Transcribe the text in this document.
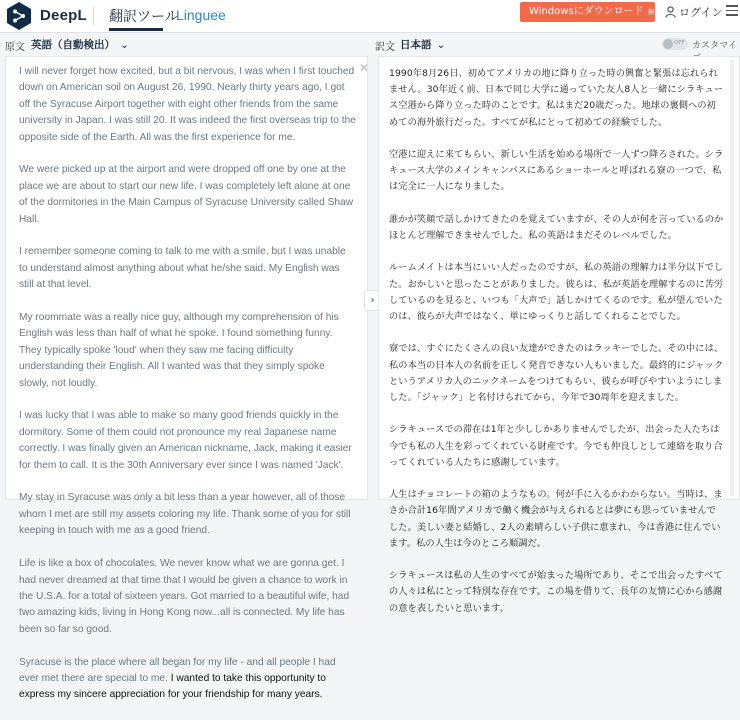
DeepL 翻訳ツール
Linguee	Windowsにダウンロード 無料！ ログイン
原文 英語（自動検出） ⌄	訳文 日本語 ⌄	OFF カスタマイ
✕

I will never forget how excited, but a bit nervous, I was when I first touched down on American soil on August 26, 1990. Nearly thirty years ago, I got off the Syracuse Airport together with eight other friends from the same university in Japan. I was still 20. It was indeed the first overseas trip to the opposite side of the Earth. All was the first experience for me.

We were picked up at the airport and were dropped off one by one at the place we are about to start our new life. I was completely left alone at one of the dormitories in the Main Campus of Syracuse University called Shaw Hall.

I remember someone coming to talk to me with a smile, but I was unable to understand almost anything about what he/she said. My English was still at that level.

My roommate was a really nice guy, although my comprehension of his English was less than half of what he spoke. I found something funny. They typically spoke 'loud' when they saw me facing difficulty understanding their English. All I wanted was that they simply spoke slowly, not loudly.

I was lucky that I was able to make so many good friends quickly in the dormitory. Some of them could not pronounce my real Japanese name correctly. I was finally given an American nickname, Jack, making it easier for them to call. It is the 30th Anniversary ever since I was named 'Jack'.

My stay in Syracuse was only a bit less than a year however, all of those whom I met are still my assets coloring my life. Thank some of you for still keeping in touch with me as a good friend.

Life is like a box of chocolates. We never know what we are gonna get. I had never dreamed at that time that I would be given a chance to work in the U.S.A. for a total of sixteen years. Got married to a beautiful wife, had two amazing kids, living in Hong Kong now...all is connected. My life has been so far so good.

Syracuse is the place where all began for my life - and all people I had ever met there are special to me. I wanted to take this opportunity to express my sincere appreciation for your friendship for many years.

›

1990年8月26日、初めてアメリカの地に降り立った時の興奮と緊張は忘れられません。30年近く前、日本で同じ大学に通っていた友人8人と一緒にシラキュース空港から降り立った時のことです。私はまだ20歳だった。地球の裏側への初めての海外旅行だった。すべてが私にとって初めての経験でした。

空港に迎えに来てもらい、新しい生活を始める場所で一人ずつ降ろされた。シラキュース大学のメインキャンパスにあるショーホールと呼ばれる寮の一つで、私は完全に一人になりました。

誰かが笑顔で話しかけてきたのを覚えていますが、その人が何を言っているのかほとんど理解できませんでした。私の英語はまだそのレベルでした。

ルームメイトは本当にいい人だったのですが、私の英語の理解力は半分以下でした。おかしいと思ったことがありました。彼らは、私が英語を理解するのに苦労しているのを見ると、いつも「大声で」話しかけてくるのです。私が望んでいたのは、彼らが大声ではなく、単にゆっくりと話してくれることでした。

寮では、すぐにたくさんの良い友達ができたのはラッキーでした。その中には、私の本当の日本人の名前を正しく発音できない人もいました。最終的にジャックというアメリカ人のニックネームをつけてもらい、彼らが呼びやすいようにしました。「ジャック」と名付けられてから、今年で30周年を迎えました。

シラキュースでの滞在は1年と少ししかありませんでしたが、出会った人たちは今でも私の人生を彩ってくれている財産です。今でも仲良しとして連絡を取り合ってくれている人たちに感謝しています。

人生はチョコレートの箱のようなもの。何が手に入るかわからない。当時は、まさか合計16年間アメリカで働く機会が与えられるとは夢にも思っていませんでした。美しい妻と結婚し、2人の素晴らしい子供に恵まれ、今は香港に住んでいます。私の人生は今のところ順調だ。

シラキュースは私の人生のすべてが始まった場所であり、そこで出会ったすべての人々は私にとって特別な存在です。この場を借りて、長年の友情に心から感謝の意を表したいと思います。
